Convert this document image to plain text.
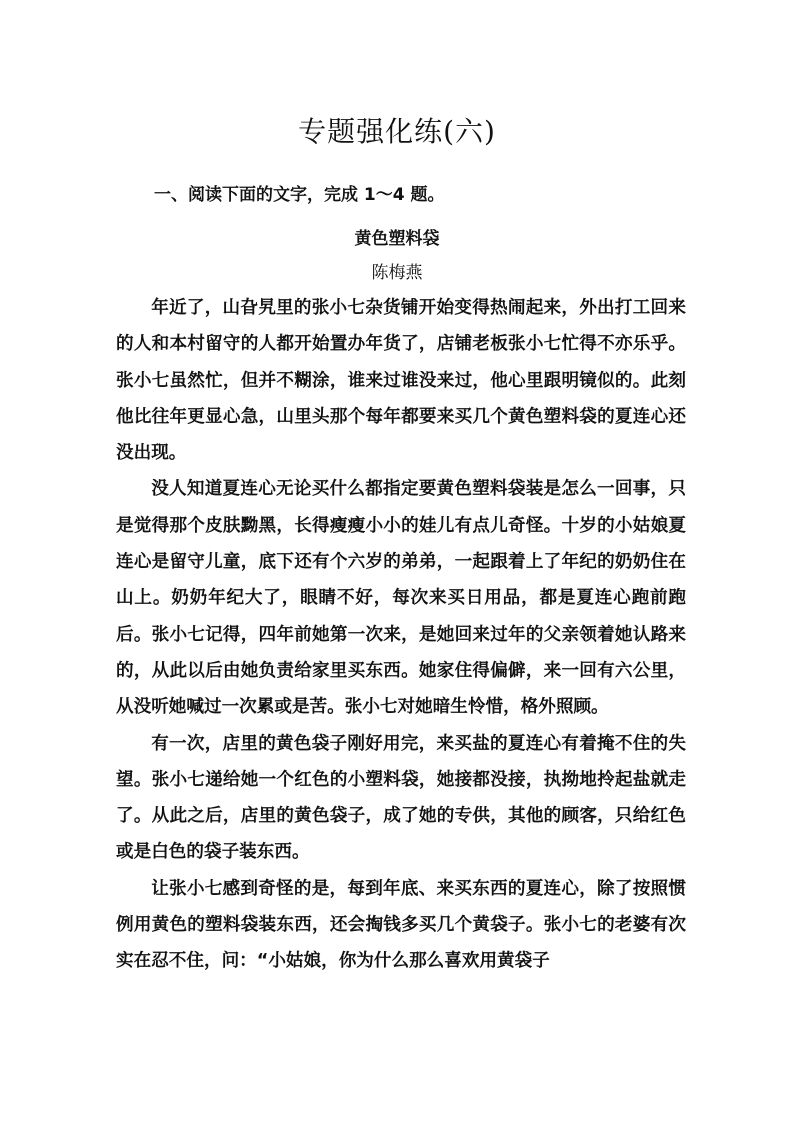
专题强化练(六)
一、阅读下面的文字，完成 1～4 题。
黄色塑料袋
陈梅燕

年近了，山旮旯里的张小七杂货铺开始变得热闹起来，外出打工回来的人和本村留守的人都开始置办年货了，店铺老板张小七忙得不亦乐乎。张小七虽然忙，但并不糊涂，谁来过谁没来过，他心里跟明镜似的。此刻他比往年更显心急，山里头那个每年都要来买几个黄色塑料袋的夏连心还没出现。

没人知道夏连心无论买什么都指定要黄色塑料袋装是怎么一回事，只是觉得那个皮肤黝黑，长得瘦瘦小小的娃儿有点儿奇怪。十岁的小姑娘夏连心是留守儿童，底下还有个六岁的弟弟，一起跟着上了年纪的奶奶住在山上。奶奶年纪大了，眼睛不好，每次来买日用品，都是夏连心跑前跑后。张小七记得，四年前她第一次来，是她回来过年的父亲领着她认路来的，从此以后由她负责给家里买东西。她家住得偏僻，来一回有六公里，从没听她喊过一次累或是苦。张小七对她暗生怜惜，格外照顾。

有一次，店里的黄色袋子刚好用完，来买盐的夏连心有着掩不住的失望。张小七递给她一个红色的小塑料袋，她接都没接，执拗地拎起盐就走了。从此之后，店里的黄色袋子，成了她的专供，其他的顾客，只给红色或是白色的袋子装东西。

让张小七感到奇怪的是，每到年底、来买东西的夏连心，除了按照惯例用黄色的塑料袋装东西，还会掏钱多买几个黄袋子。张小七的老婆有次实在忍不住，问：“小姑娘，你为什么那么喜欢用黄袋子
